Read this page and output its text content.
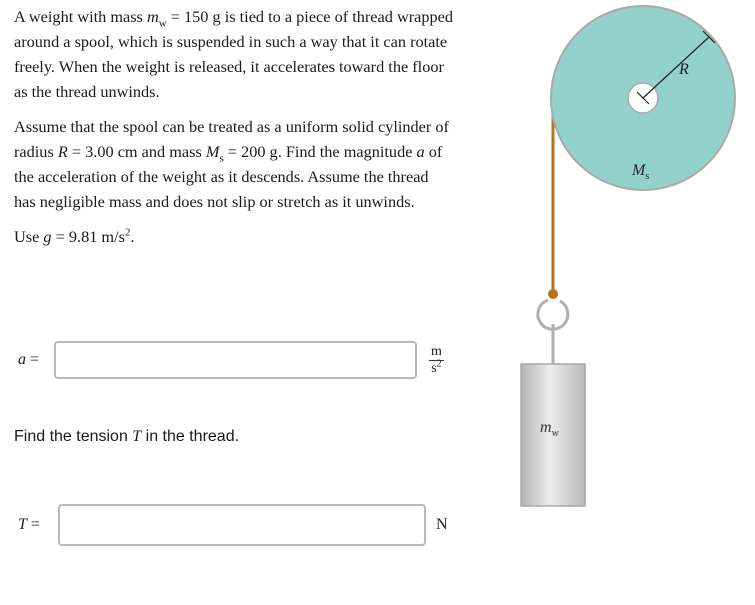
A weight with mass $m_w = 150$ g is tied to a piece of thread wrapped around a spool, which is suspended in such a way that it can rotate freely. When the weight is released, it accelerates toward the floor as the thread unwinds.

Assume that the spool can be treated as a uniform solid cylinder of radius R = 3.00 cm and mass $M_s = 200$ g. Find the magnitude a of the acceleration of the weight as it descends. Assume the thread has negligible mass and does not slip or stretch as it unwinds.

Use g = 9.81 $m/s^2$.

a =	$\frac{m}{s^2}$
Find the tension T in the thread.
T =	N
R
$M_s$
$m_w$
